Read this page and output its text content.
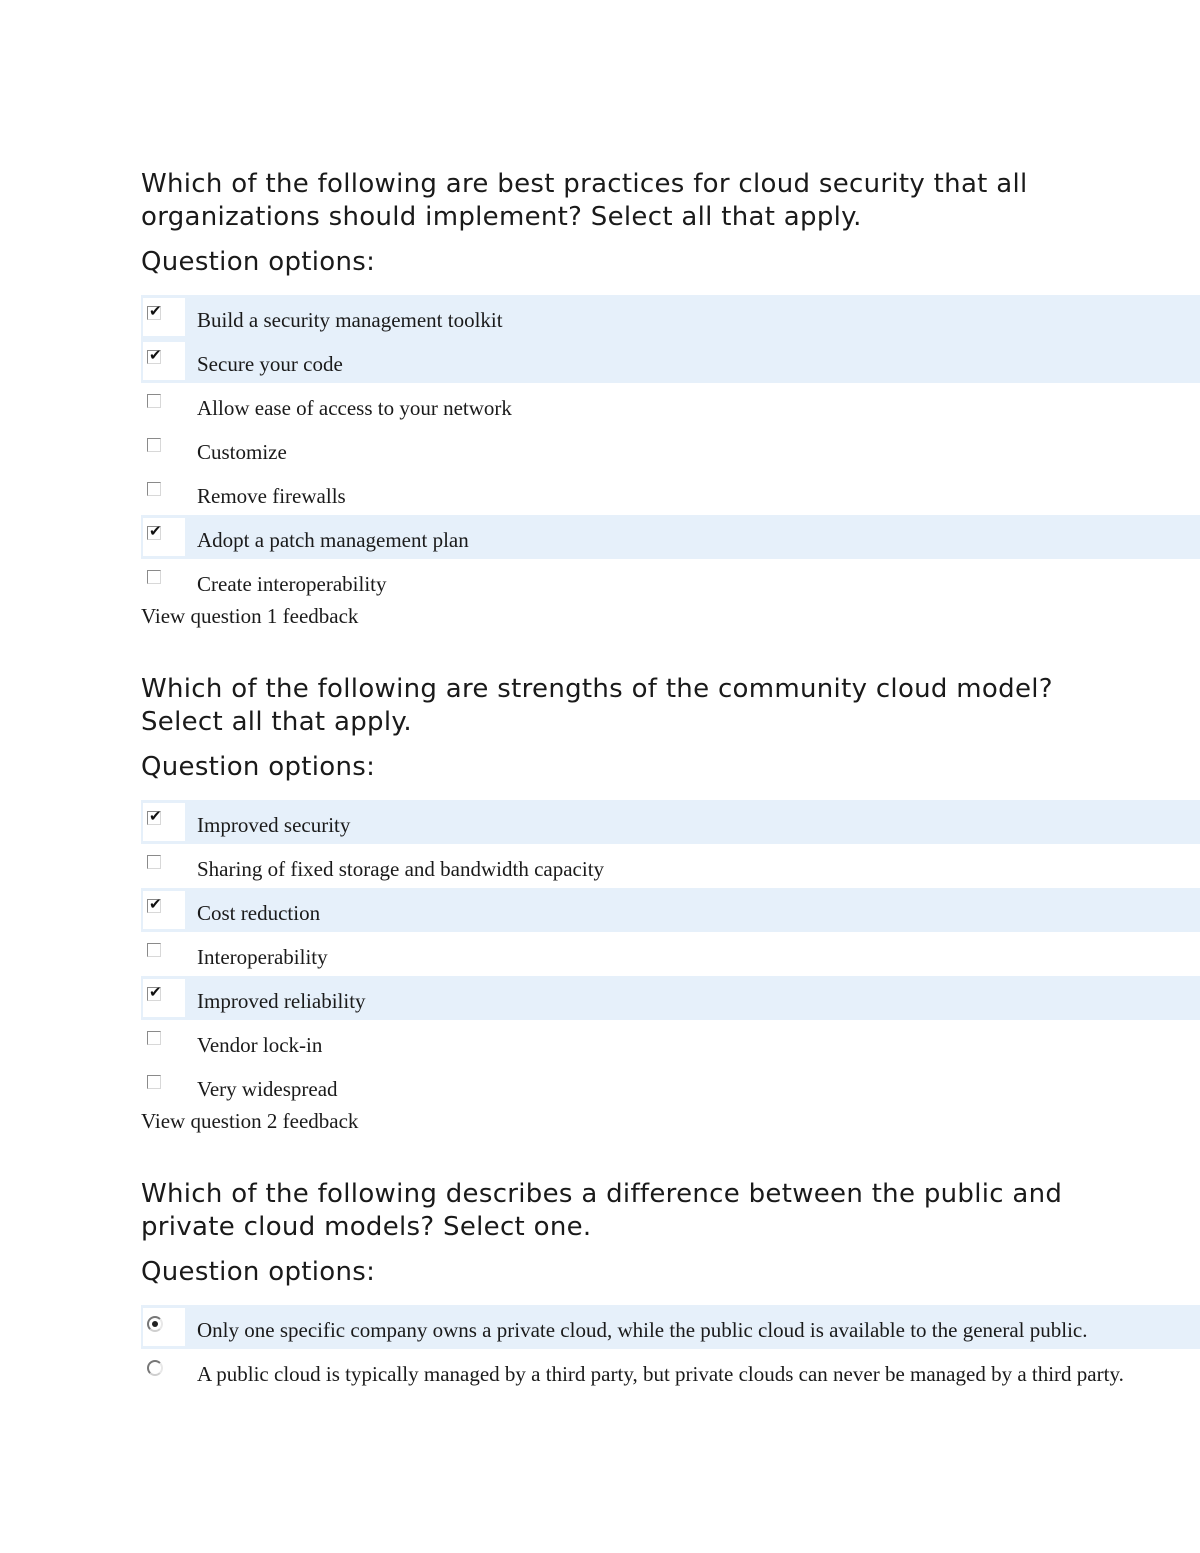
Which of the following are best practices for cloud security that all organizations should implement? Select all that apply.
Question options:
✔ Build a security management toolkit
✔ Secure your code
Allow ease of access to your network
Customize
Remove firewalls
✔ Adopt a patch management plan
Create interoperability

View question 1 feedback

Which of the following are strengths of the community cloud model? Select all that apply.
Question options:
✔ Improved security
Sharing of fixed storage and bandwidth capacity
✔ Cost reduction
Interoperability
✔ Improved reliability
Vendor lock-in
Very widespread

View question 2 feedback

Which of the following describes a difference between the public and private cloud models? Select one.
Question options:
Only one specific company owns a private cloud, while the public cloud is available to the general public.
A public cloud is typically managed by a third party, but private clouds can never be managed by a third party.
